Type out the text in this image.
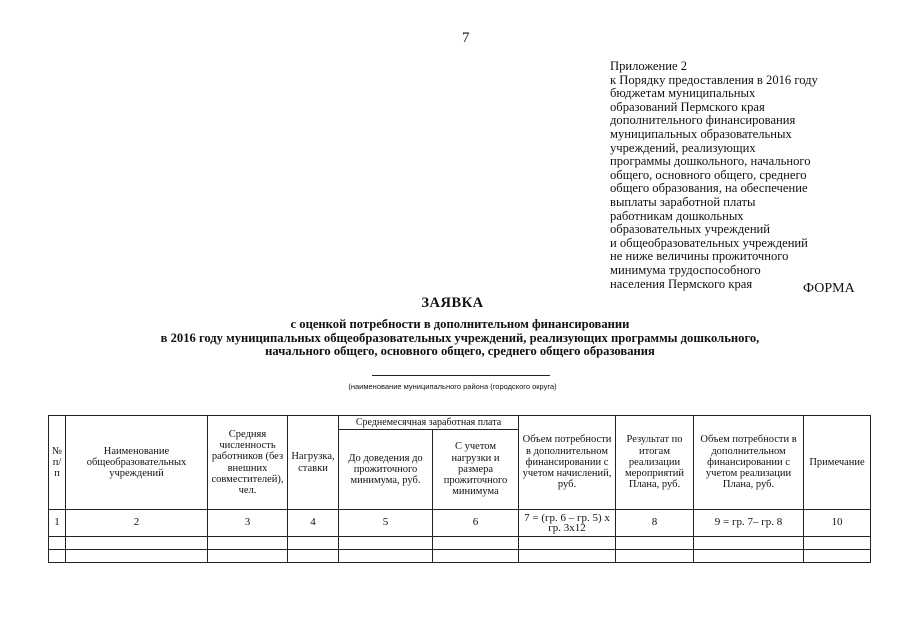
7
Приложение 2
к Порядку предоставления в 2016 году
бюджетам муниципальных
образований Пермского края
дополнительного финансирования
муниципальных образовательных
учреждений, реализующих
программы дошкольного, начального
общего, основного общего, среднего
общего образования, на обеспечение
выплаты заработной платы
работникам дошкольных
образовательных учреждений
и общеобразовательных учреждений
не ниже величины прожиточного
минимума трудоспособного
населения Пермского края	ФОРМА
ЗАЯВКА
с оценкой потребности в дополнительном финансировании
в 2016 году муниципальных общеобразовательных учреждений, реализующих программы дошкольного,
начального общего, основного общего, среднего общего образования
(наименование муниципального района (городского округа)
№ п/п	Наименование общеобразовательных учреждений	Средняя численность работников (без внешних совместителей), чел.	Нагрузка, ставки	Среднемесячная заработная плата		Объем потребности в дополнительном финансировании с учетом начислений, руб.	Результат по итогам реализации мероприятий Плана, руб.	Объем потребности в дополнительном финансировании с учетом реализации Плана, руб.	Примечание
				До доведения до прожиточного минимума, руб.	С учетом нагрузки и размера прожиточного минимума				
1	2	3	4	5	6	7 = (гр. 6 – гр. 5) х гр. 3х12	8	9 = гр. 7– гр. 8	10
